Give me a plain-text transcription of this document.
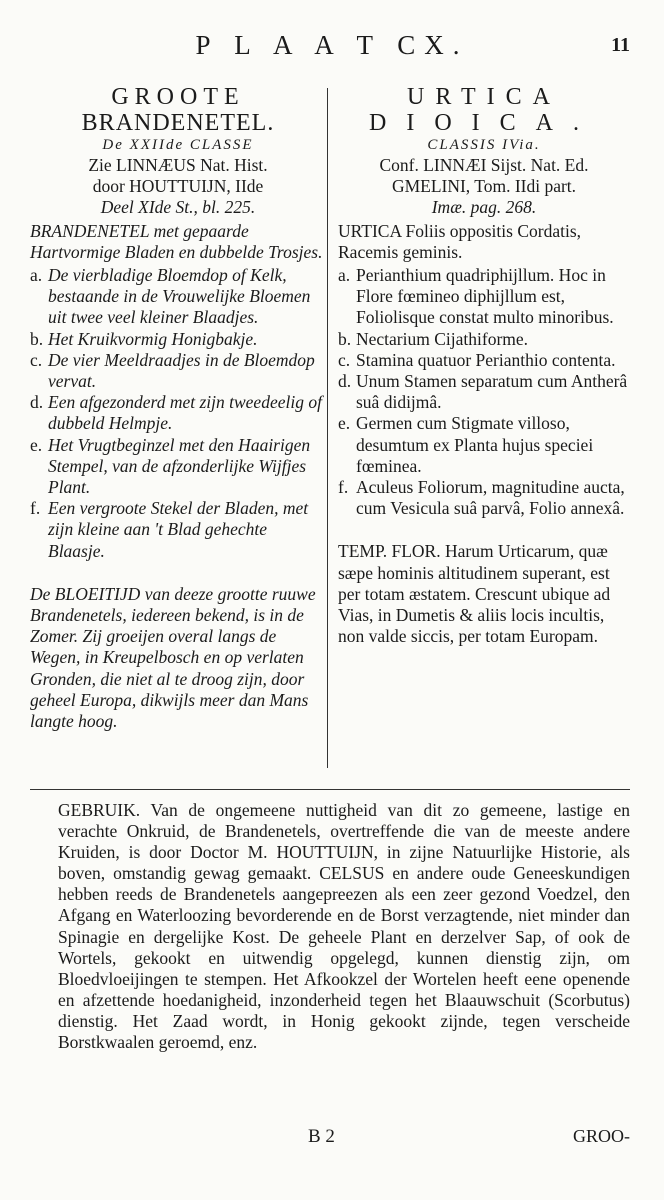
P L A A T CX.	11
GROOTE
BRANDENETEL.
De XXIIde CLASSE
Zie LINNÆUS Nat. Hist.
door HOUTTUIJN, IIde
Deel XIde St., bl. 225.
BRANDENETEL met gepaarde Hartvormige Bladen en dubbelde Trosjes.
a. De vierbladige Bloemdop of Kelk, bestaande in de Vrouwelijke Bloemen uit twee veel kleiner Blaadjes.
b. Het Kruikvormig Honigbakje.
c. De vier Meeldraadjes in de Bloemdop vervat.
d. Een afgezonderd met zijn tweedeelig of dubbeld Helmpje.
e. Het Vrugtbeginzel met den Haairigen Stempel, van de afzonderlijke Wijfjes Plant.
f. Een vergroote Stekel der Bladen, met zijn kleine aan 't Blad gehechte Blaasje.
De BLOEITIJD van deeze grootte ruuwe Brandenetels, iedereen bekend, is in de Zomer. Zij groeijen overal langs de Wegen, in Kreupelbosch en op verlaten Gronden, die niet al te droog zijn, door geheel Europa, dikwijls meer dan Mans langte hoog.
URTICA
DIOICA.
CLASSIS IVia.
Conf. LINNÆI Sijst. Nat. Ed.
GMELINI, Tom. IIdi part.
Imæ. pag. 268.
URTICA Foliis oppositis Cordatis, Racemis geminis.
a. Perianthium quadriphijllum. Hoc in Flore fœmineo diphijllum est, Foliolisque constat multo minoribus.
b. Nectarium Cijathiforme.
c. Stamina quatuor Perianthio contenta.
d. Unum Stamen separatum cum Antherâ suâ didijmâ.
e. Germen cum Stigmate villoso, desumtum ex Planta hujus speciei fœminea.
f. Aculeus Foliorum, magnitudine aucta, cum Vesicula suâ parvâ, Folio annexâ.
TEMP. FLOR. Harum Urticarum, quæ sæpe hominis altitudinem superant, est per totam æstatem. Crescunt ubique ad Vias, in Dumetis & aliis locis incultis, non valde siccis, per totam Europam.
GEBRUIK. Van de ongemeene nuttigheid van dit zo gemeene, lastige en verachte Onkruid, de Brandenetels, overtreffende die van de meeste andere Kruiden, is door Doctor M. HOUTTUIJN, in zijne Natuurlijke Historie, als boven, omstandig gewag gemaakt. CELSUS en andere oude Geneeskundigen hebben reeds de Brandenetels aangepreezen als een zeer gezond Voedzel, den Afgang en Waterloozing bevorderende en de Borst verzagtende, niet minder dan Spinagie en dergelijke Kost. De geheele Plant en derzelver Sap, of ook de Wortels, gekookt en uitwendig opgelegd, kunnen dienstig zijn, om Bloedvloeijingen te stempen. Het Afkookzel der Wortelen heeft eene openende en afzettende hoedanigheid, inzonderheid tegen het Blaauwschuit (Scorbutus) dienstig. Het Zaad wordt, in Honig gekookt zijnde, tegen verscheide Borstkwaalen geroemd, enz.
B 2	GROO-
